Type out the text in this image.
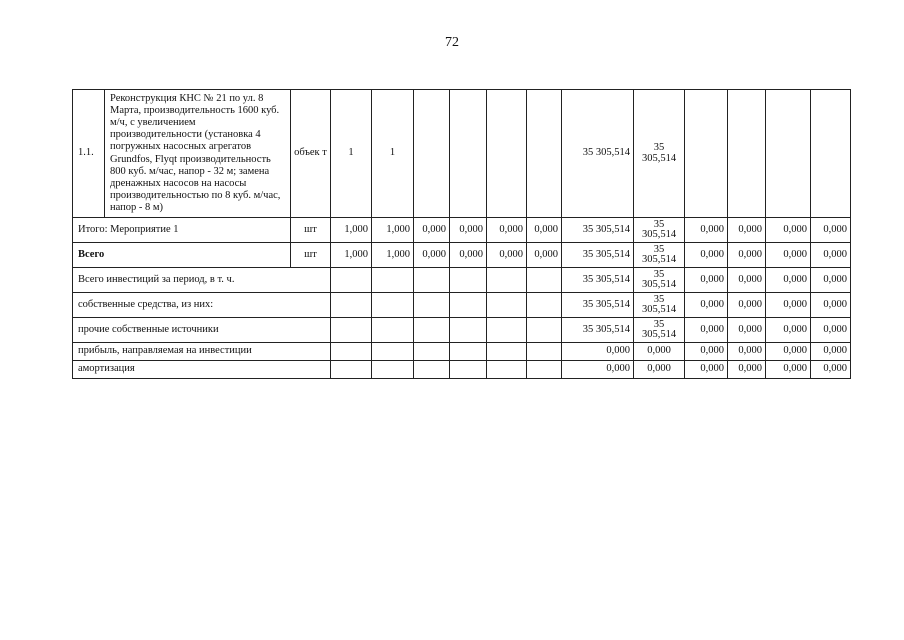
72
1.1.	Реконструкция КНС № 21 по ул. 8 Марта, производительность 1600 куб. м/ч, с увеличением производительности (установка 4 погружных насосных агрегатов Grundfos, Flyqt производительность 800 куб. м/час, напор - 32 м; замена дренажных насосов на насосы производительностью по 8 куб. м/час, напор - 8 м)	объек т	1	1					35 305,514	35 305,514				
Итого: Мероприятие 1		шт	1,000	1,000	0,000	0,000	0,000	0,000	35 305,514	35 305,514	0,000	0,000	0,000	0,000
Всего		шт	1,000	1,000	0,000	0,000	0,000	0,000	35 305,514	35 305,514	0,000	0,000	0,000	0,000
Всего инвестиций за период, в т. ч.									35 305,514	35 305,514	0,000	0,000	0,000	0,000
собственные средства, из них:									35 305,514	35 305,514	0,000	0,000	0,000	0,000
прочие собственные источники									35 305,514	35 305,514	0,000	0,000	0,000	0,000
прибыль, направляемая на инвестиции									0,000	0,000	0,000	0,000	0,000	0,000
амортизация									0,000	0,000	0,000	0,000	0,000	0,000
